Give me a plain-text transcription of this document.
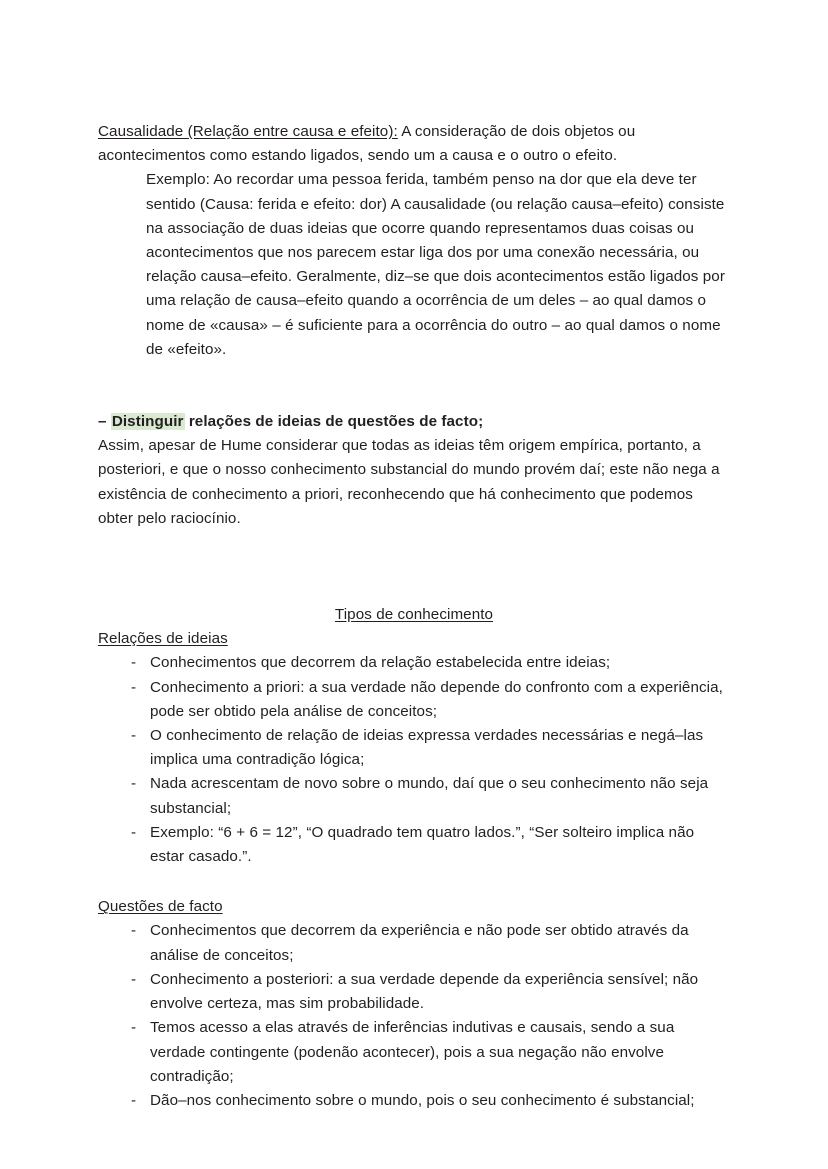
Causalidade (Relação entre causa e efeito): A consideração de dois objetos ou acontecimentos como estando ligados, sendo um a causa e o outro o efeito.

Exemplo: Ao recordar uma pessoa ferida, também penso na dor que ela deve ter sentido (Causa: ferida e efeito: dor) A causalidade (ou relação causa–efeito) consiste na associação de duas ideias que ocorre quando representamos duas coisas ou acontecimentos que nos parecem estar liga dos por uma conexão necessária, ou relação causa–efeito. Geralmente, diz–se que dois acontecimentos estão ligados por uma relação de causa–efeito quando a ocorrência de um deles – ao qual damos o nome de «causa» – é suficiente para a ocorrência do outro – ao qual damos o nome de «efeito».

– Distinguir relações de ideias de questões de facto;

Assim, apesar de Hume considerar que todas as ideias têm origem empírica, portanto, a posteriori, e que o nosso conhecimento substancial do mundo provém daí; este não nega a existência de conhecimento a priori, reconhecendo que há conhecimento que podemos obter pelo raciocínio.

Tipos de conhecimento

Relações de ideias

- Conhecimentos que decorrem da relação estabelecida entre ideias;
- Conhecimento a priori: a sua verdade não depende do confronto com a experiência, pode ser obtido pela análise de conceitos;
- O conhecimento de relação de ideias expressa verdades necessárias e negá–las implica uma contradição lógica;
- Nada acrescentam de novo sobre o mundo, daí que o seu conhecimento não seja substancial;
- Exemplo: “6 + 6 = 12”, “O quadrado tem quatro lados.”, “Ser solteiro implica não estar casado.”.

Questões de facto

- Conhecimentos que decorrem da experiência e não pode ser obtido através da análise de conceitos;
- Conhecimento a posteriori: a sua verdade depende da experiência sensível; não envolve certeza, mas sim probabilidade.
- Temos acesso a elas através de inferências indutivas e causais, sendo a sua verdade contingente (podenão acontecer), pois a sua negação não envolve contradição;
- Dão–nos conhecimento sobre o mundo, pois o seu conhecimento é substancial;
